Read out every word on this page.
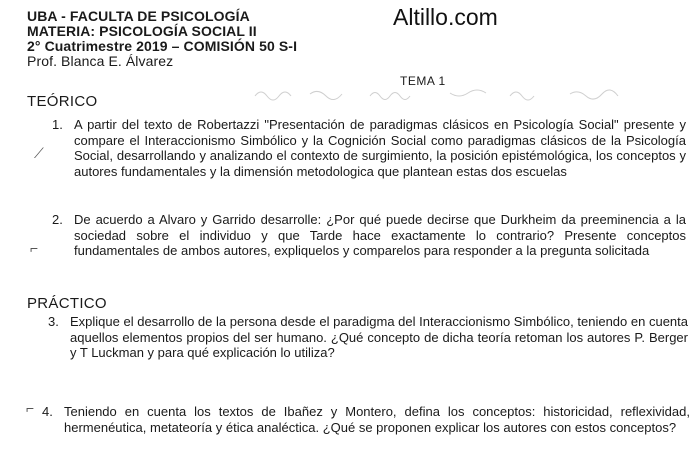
Altillo.com
UBA - FACULTA DE PSICOLOGÍA
MATERIA: PSICOLOGÍA SOCIAL II
2° Cuatrimestre 2019 – COMISIÓN 50 S-I
Prof. Blanca E. Álvarez
TEMA 1
TEÓRICO
1. A partir del texto de Robertazzi "Presentación de paradigmas clásicos en Psicología Social" presente y compare el Interaccionismo Simbólico y la Cognición Social como paradigmas clásicos de la Psicología Social, desarrollando y analizando el contexto de surgimiento, la posición epistémológica, los conceptos y autores fundamentales y la dimensión metodologica que plantean estas dos escuelas
2. De acuerdo a Alvaro y Garrido desarrolle: ¿Por qué puede decirse que Durkheim da preeminencia a la sociedad sobre el individuo y que Tarde hace exactamente lo contrario? Presente conceptos fundamentales de ambos autores, expliquelos y comparelos para responder a la pregunta solicitada
⟋
⌐
PRÁCTICO
3. Explique el desarrollo de la persona desde el paradigma del Interaccionismo Simbólico, teniendo en cuenta aquellos elementos propios del ser humano. ¿Qué concepto de dicha teoría retoman los autores P. Berger y T Luckman y para qué explicación lo utiliza?
⌐ 4. Teniendo en cuenta los textos de Ibañez y Montero, defina los conceptos: historicidad, reflexividad, hermenéutica, metateoría y ética analéctica. ¿Qué se proponen explicar los autores con estos conceptos?
